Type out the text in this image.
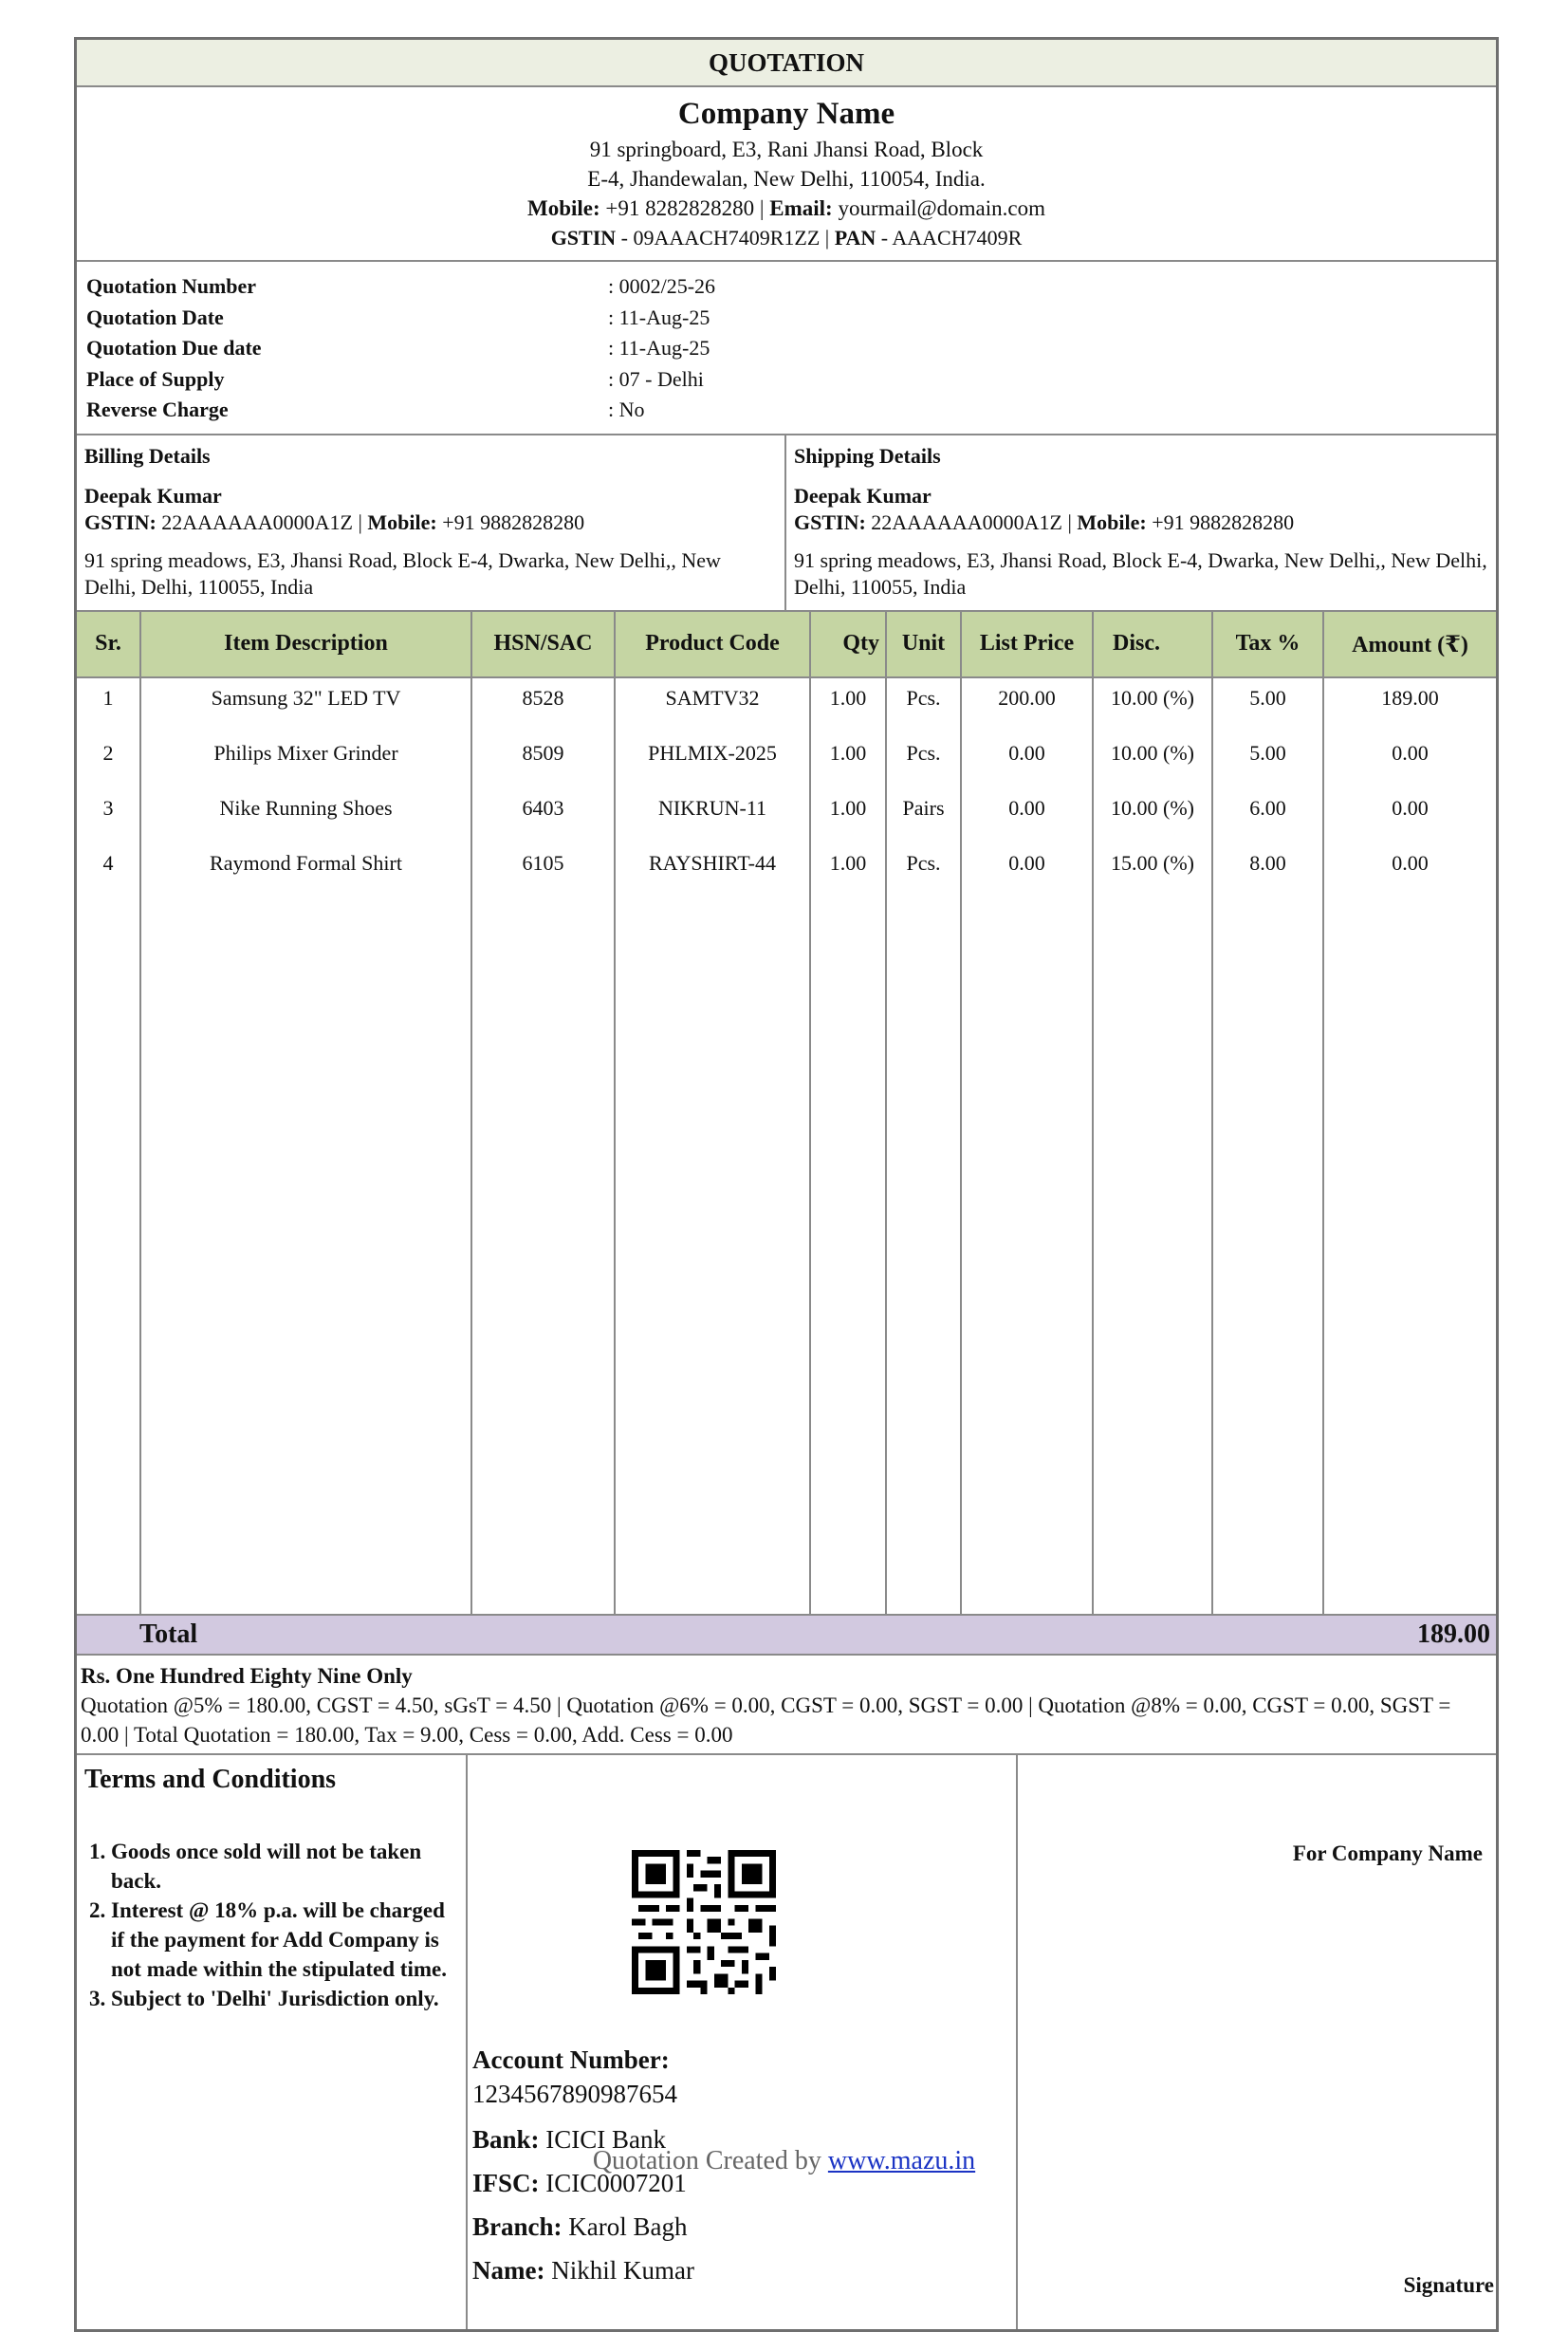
QUOTATION
Company Name
91 springboard, E3, Rani Jhansi Road, Block
E-4, Jhandewalan, New Delhi, 110054, India.
Mobile: +91 8282828280 | Email: yourmail@domain.com
GSTIN - 09AAACH7409R1ZZ | PAN - AAACH7409R
Quotation Number	: 0002/25-26
Quotation Date	: 11-Aug-25
Quotation Due date	: 11-Aug-25
Place of Supply	: 07 - Delhi
Reverse Charge	: No
Billing Details
Deepak Kumar
GSTIN: 22AAAAAA0000A1Z | Mobile: +91 9882828280
91 spring meadows, E3, Jhansi Road, Block E-4, Dwarka, New Delhi,, New Delhi, Delhi, 110055, India
Shipping Details
Deepak Kumar
GSTIN: 22AAAAAA0000A1Z | Mobile: +91 9882828280
91 spring meadows, E3, Jhansi Road, Block E-4, Dwarka, New Delhi,, New Delhi, Delhi, 110055, India
Sr.	Item Description	HSN/SAC	Product Code	Qty	Unit	List Price	Disc.	Tax %	Amount (₹)
1	Samsung 32" LED TV	8528	SAMTV32	1.00	Pcs.	200.00	10.00 (%)	5.00	189.00
2	Philips Mixer Grinder	8509	PHLMIX-2025	1.00	Pcs.	0.00	10.00 (%)	5.00	0.00
3	Nike Running Shoes	6403	NIKRUN-11	1.00	Pairs	0.00	10.00 (%)	6.00	0.00
4	Raymond Formal Shirt	6105	RAYSHIRT-44	1.00	Pcs.	0.00	15.00 (%)	8.00	0.00

Total	189.00
Rs. One Hundred Eighty Nine Only
Quotation @5% = 180.00, CGST = 4.50, sGsT = 4.50 | Quotation @6% = 0.00, CGST = 0.00, SGST = 0.00 | Quotation @8% = 0.00, CGST = 0.00, SGST = 0.00 | Total Quotation = 180.00, Tax = 9.00, Cess = 0.00, Add. Cess = 0.00
Terms and Conditions
1. Goods once sold will not be taken back.
2. Interest @ 18% p.a. will be charged if the payment for Add Company is not made within the stipulated time.
3. Subject to 'Delhi' Jurisdiction only.
Account Number:
1234567890987654
Bank: ICICI Bank
IFSC: ICIC0007201
Branch: Karol Bagh
Name: Nikhil Kumar
For Company Name
Signature
Quotation Created by www.mazu.in
